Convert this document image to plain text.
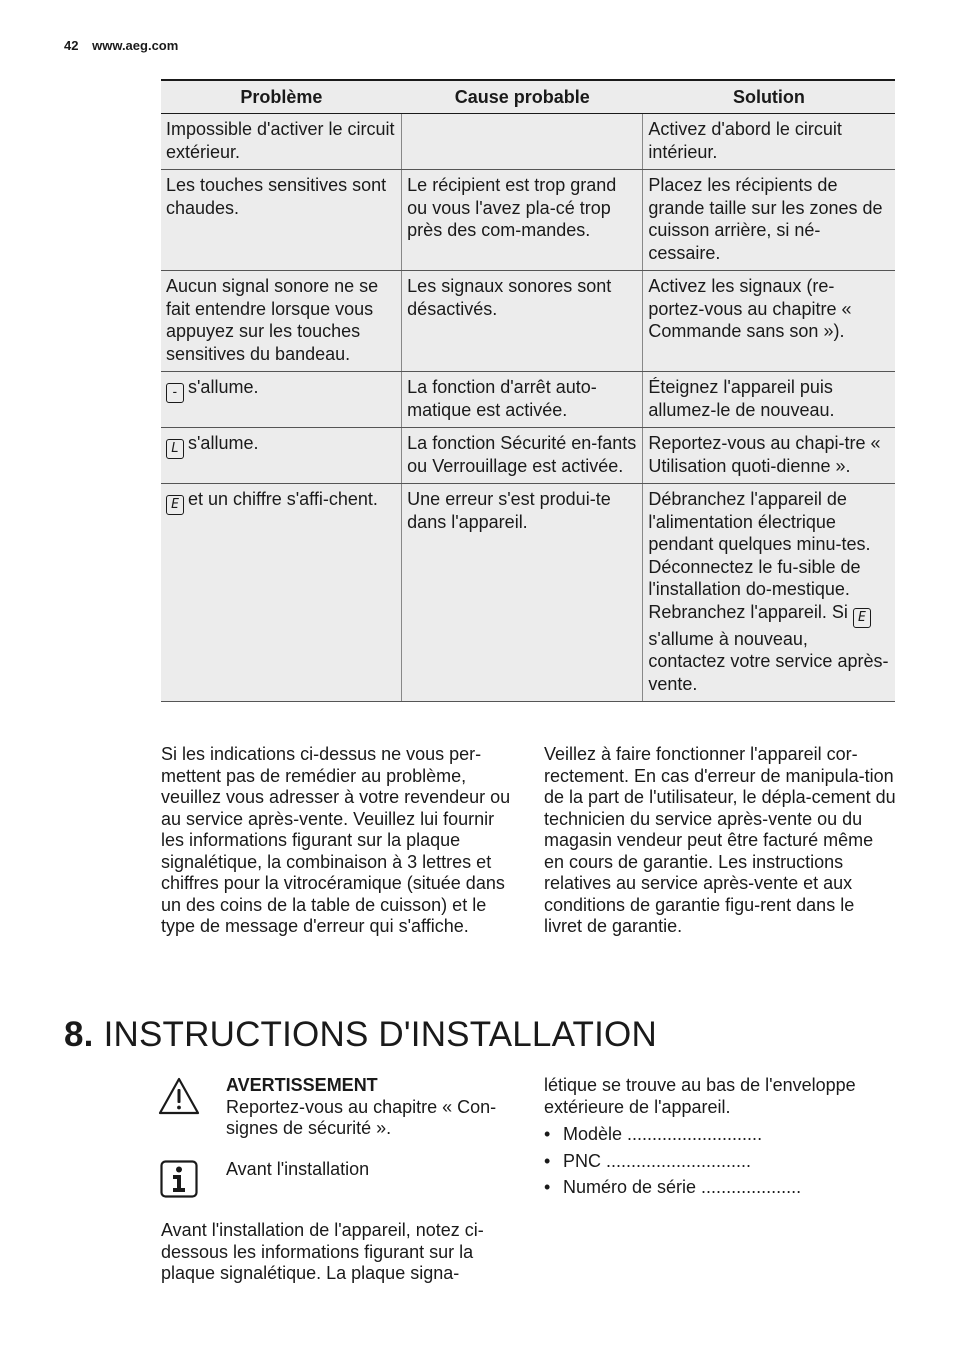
42 www.aeg.com
Problème	Cause probable	Solution
Impossible d'activer le circuit extérieur.		Activez d'abord le circuit intérieur.
Les touches sensitives sont chaudes.	Le récipient est trop grand ou vous l'avez pla-cé trop près des com-mandes.	Placez les récipients de grande taille sur les zones de cuisson arrière, si né-cessaire.
Aucun signal sonore ne se fait entendre lorsque vous appuyez sur les touches sensitives du bandeau.	Les signaux sonores sont désactivés.	Activez les signaux (re-portez-vous au chapitre « Commande sans son »).
- s'allume.	La fonction d'arrêt auto-matique est activée.	Éteignez l'appareil puis allumez-le de nouveau.
L s'allume.	La fonction Sécurité en-fants ou Verrouillage est activée.	Reportez-vous au chapi-tre « Utilisation quoti-dienne ».
E et un chiffre s'affi-chent.	Une erreur s'est produi-te dans l'appareil.	Débranchez l'appareil de l'alimentation électrique pendant quelques minu-tes. Déconnectez le fu-sible de l'installation do-mestique. Rebranchez l'appareil. Si Es'allume à nouveau, contactez votre service après-vente.
Si les indications ci-dessus ne vous per-mettent pas de remédier au problème, veuillez vous adresser à votre revendeur ou au service après-vente. Veuillez lui fournir les informations figurant sur la plaque signalétique, la combinaison à 3 lettres et chiffres pour la vitrocéramique (située dans un des coins de la table de cuisson) et le type de message d'erreur qui s'affiche.
Veillez à faire fonctionner l'appareil cor-rectement. En cas d'erreur de manipula-tion de la part de l'utilisateur, le dépla-cement du technicien du service après-vente ou du magasin vendeur peut être facturé même en cours de garantie. Les instructions relatives au service après-vente et aux conditions de garantie figu-rent dans le livret de garantie.
8. INSTRUCTIONS D'INSTALLATION
AVERTISSEMENT
Reportez-vous au chapitre « Con-signes de sécurité ».
Avant l'installation
Avant l'installation de l'appareil, notez ci-dessous les informations figurant sur la plaque signalétique. La plaque signa-
létique se trouve au bas de l'enveloppe extérieure de l'appareil.
• Modèle ...........................
• PNC .............................
• Numéro de série ....................
